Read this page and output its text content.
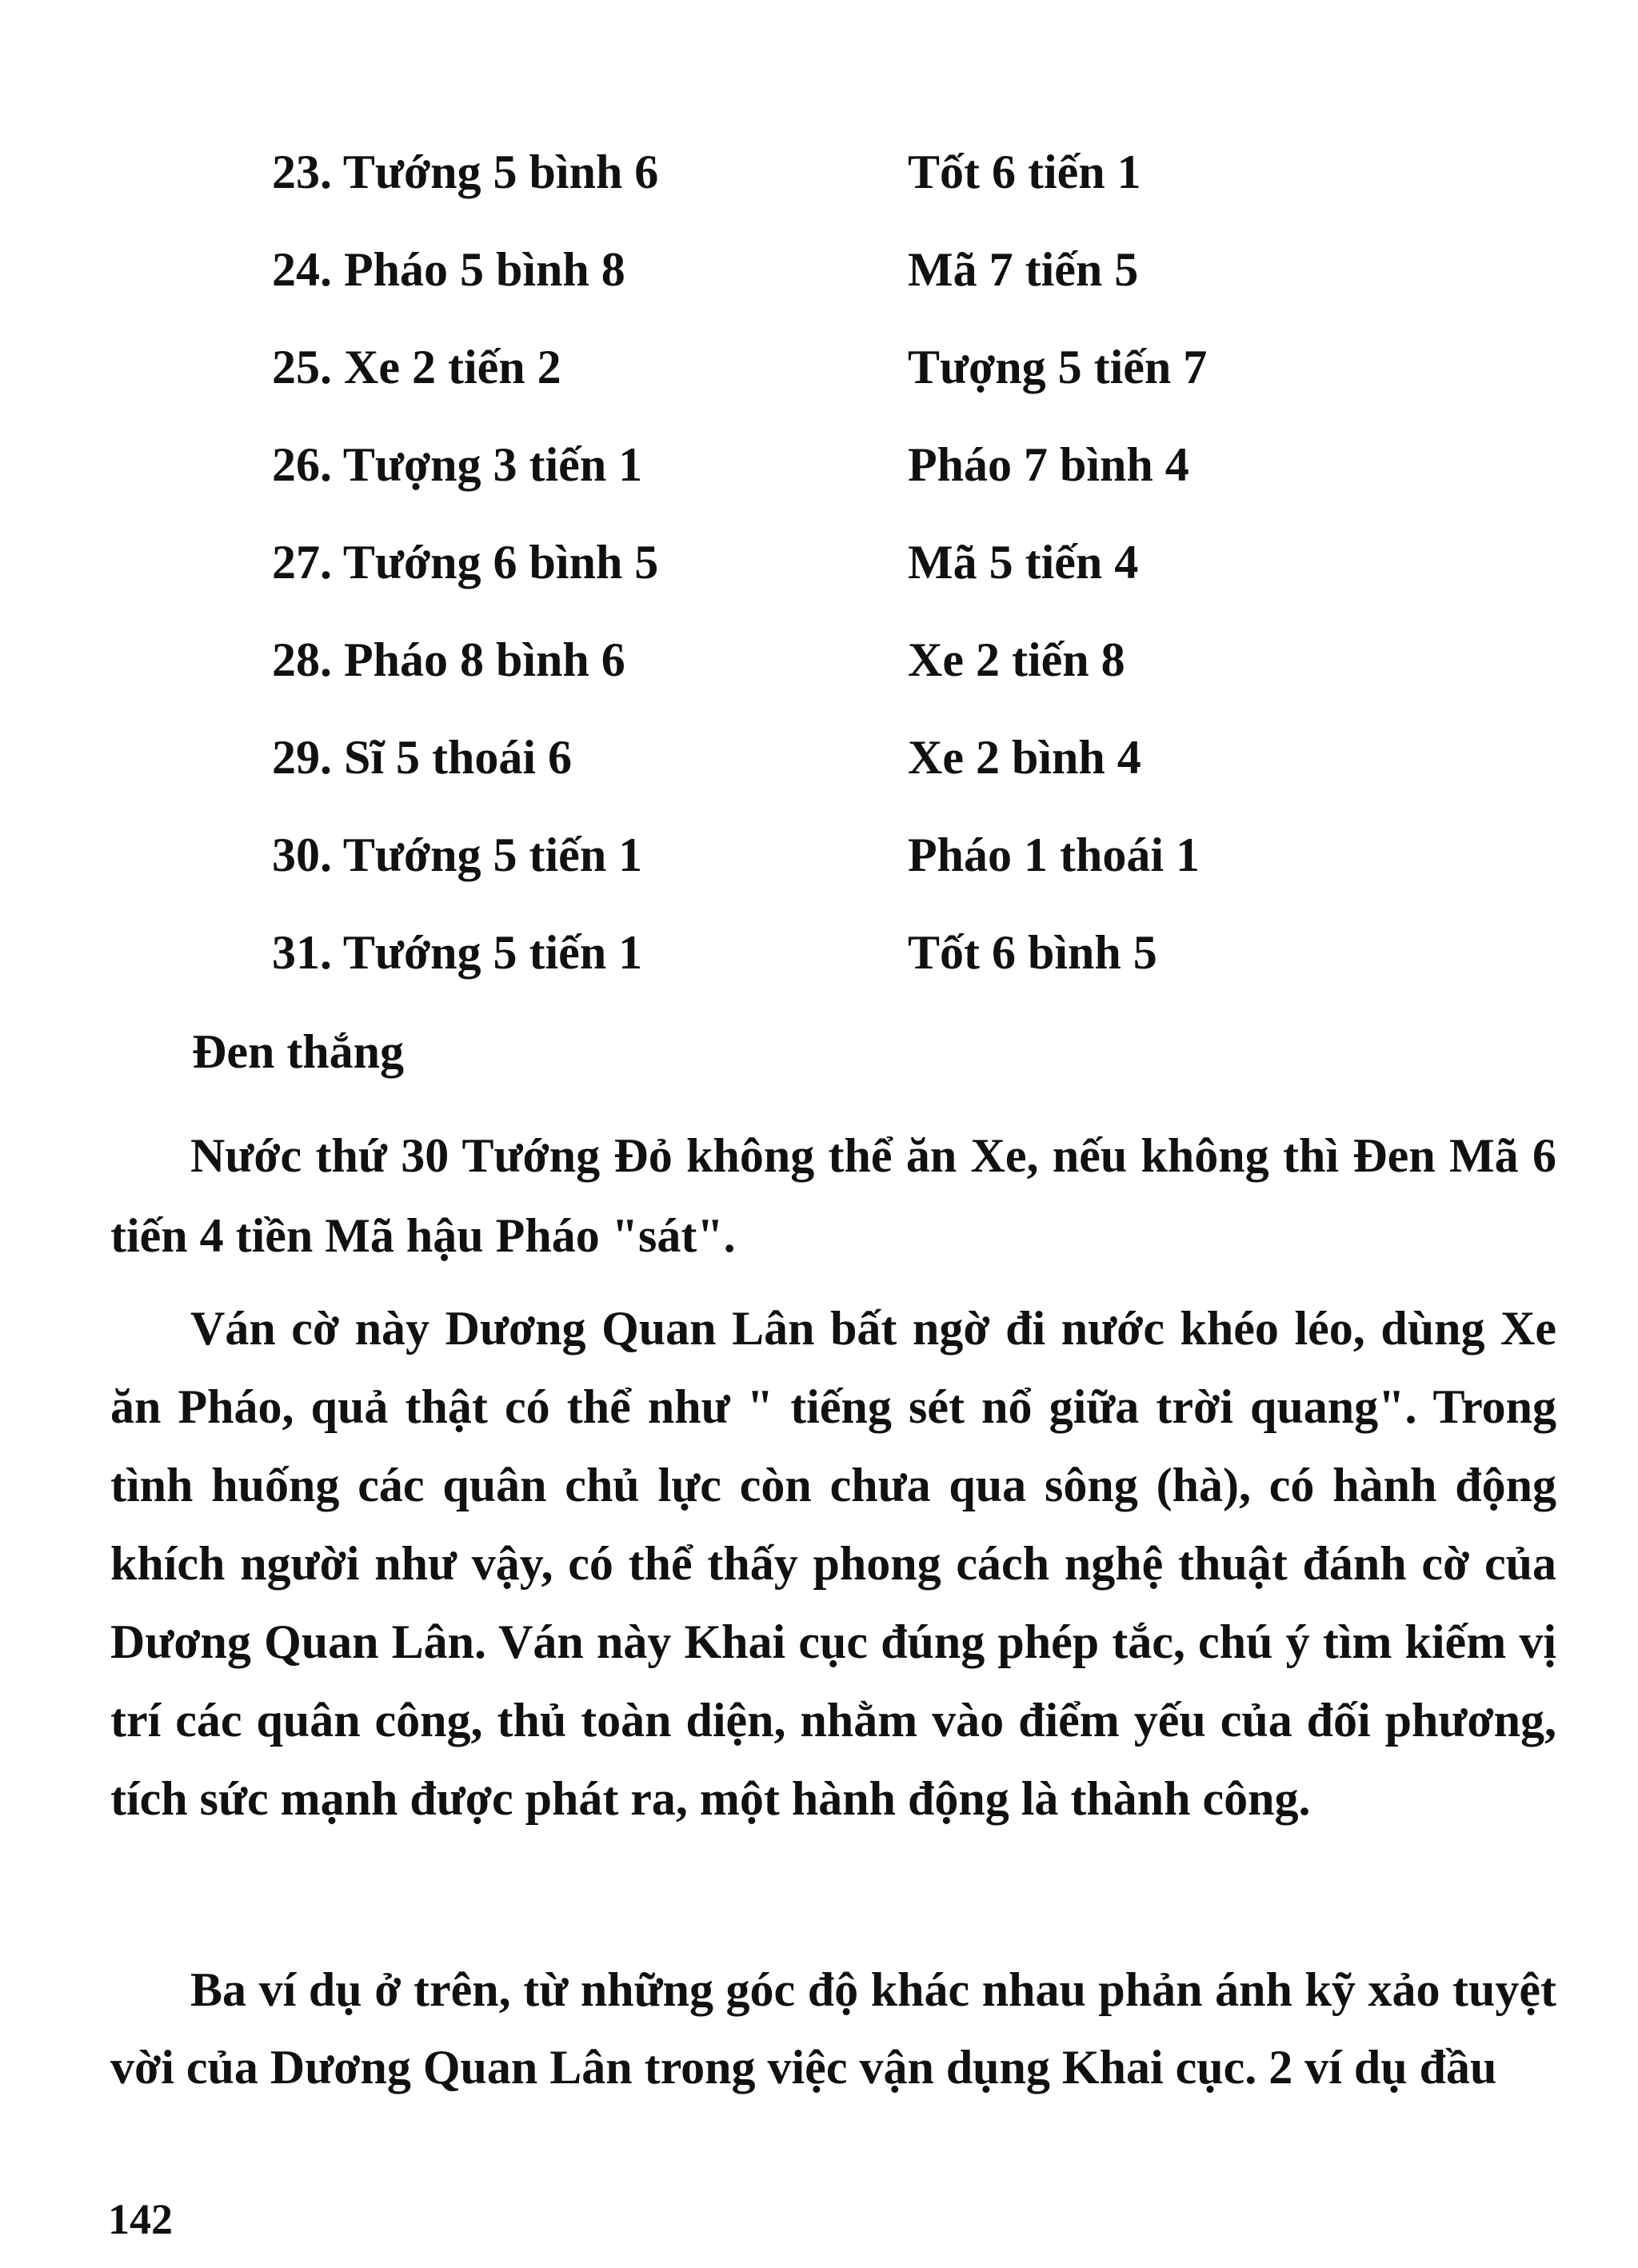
23. Tướng 5 bình 6	Tốt 6 tiến 1
24. Pháo 5 bình 8	Mã 7 tiến 5
25. Xe 2 tiến 2	Tượng 5 tiến 7
26. Tượng 3 tiến 1	Pháo 7 bình 4
27. Tướng 6 bình 5	Mã 5 tiến 4
28. Pháo 8 bình 6	Xe 2 tiến 8
29. Sĩ 5 thoái 6	Xe 2 bình 4
30. Tướng 5 tiến 1	Pháo 1 thoái 1
31. Tướng 5 tiến 1	Tốt 6 bình 5
Đen thắng

Nước thứ 30 Tướng Đỏ không thể ăn Xe, nếu không thì Đen Mã 6 tiến 4 tiền Mã hậu Pháo "sát".

Ván cờ này Dương Quan Lân bất ngờ đi nước khéo léo, dùng Xe ăn Pháo, quả thật có thể như " tiếng sét nổ giữa trời quang". Trong tình huống các quân chủ lực còn chưa qua sông (hà), có hành động khích người như vậy, có thể thấy phong cách nghệ thuật đánh cờ của Dương Quan Lân. Ván này Khai cục đúng phép tắc, chú ý tìm kiếm vị trí các quân công, thủ toàn diện, nhằm vào điểm yếu của đối phương, tích sức mạnh được phát ra, một hành động là thành công.

Ba ví dụ ở trên, từ những góc độ khác nhau phản ánh kỹ xảo tuyệt vời của Dương Quan Lân trong việc vận dụng Khai cục. 2 ví dụ đầu

142
